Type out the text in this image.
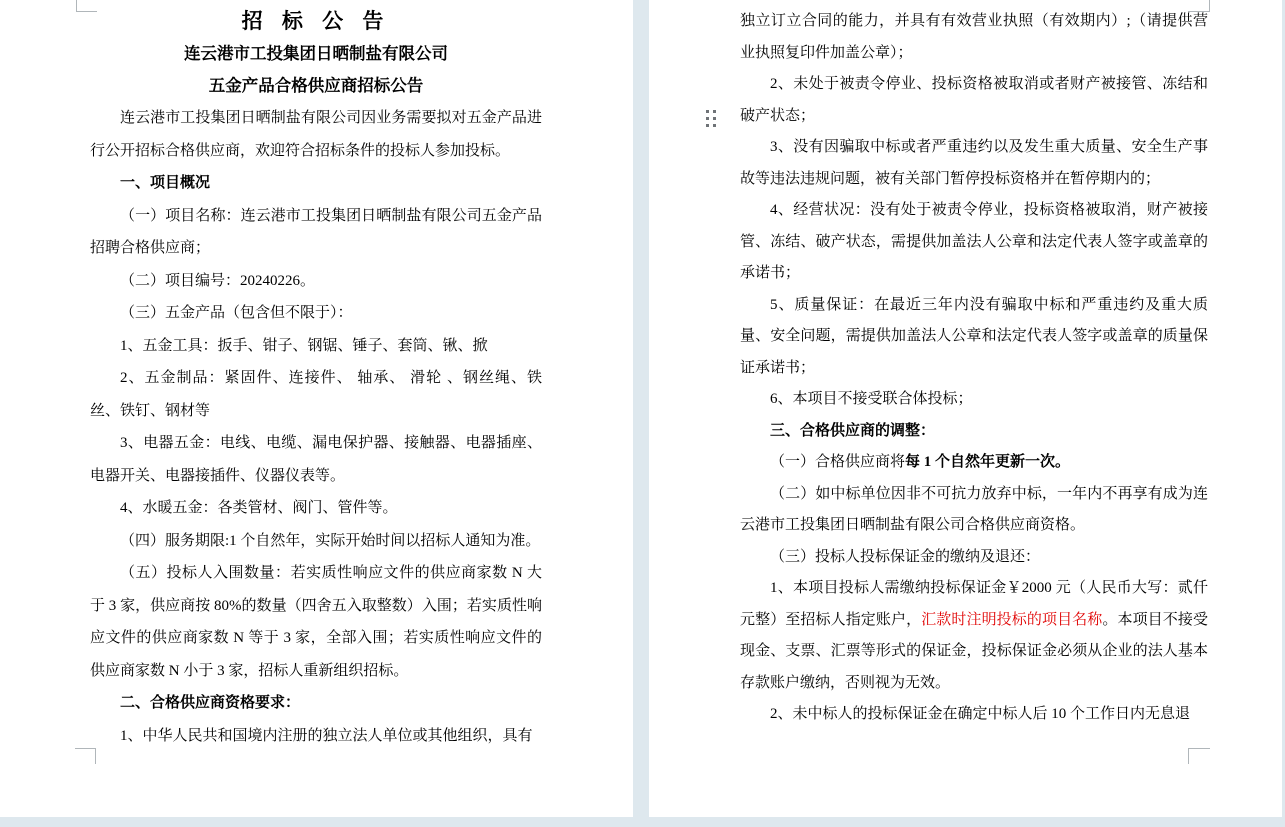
招 标 公 告
连云港市工投集团日晒制盐有限公司
五金产品合格供应商招标公告

连云港市工投集团日晒制盐有限公司因业务需要拟对五金产品进行公开招标合格供应商，欢迎符合招标条件的投标人参加投标。

一、项目概况

（一）项目名称：连云港市工投集团日晒制盐有限公司五金产品招聘合格供应商；

（二）项目编号：20240226。

（三）五金产品（包含但不限于）：

1、五金工具：扳手、钳子、钢锯、锤子、套筒、锹、掀

2、五金制品：紧固件、连接件、 轴承、 滑轮 、钢丝绳、铁丝、铁钉、钢材等

3、电器五金：电线、电缆、漏电保护器、接触器、电器插座、电器开关、电器接插件、仪器仪表等。

4、水暖五金：各类管材、阀门、管件等。

（四）服务期限:1 个自然年，实际开始时间以招标人通知为准。

（五）投标人入围数量：若实质性响应文件的供应商家数 N 大于 3 家，供应商按 80%的数量（四舍五入取整数）入围；若实质性响应文件的供应商家数 N 等于 3 家，全部入围；若实质性响应文件的供应商家数 N 小于 3 家，招标人重新组织招标。

二、合格供应商资格要求：

1、中华人民共和国境内注册的独立法人单位或其他组织，具有

独立订立合同的能力，并具有有效营业执照（有效期内）;（请提供营业执照复印件加盖公章）；

2、未处于被责令停业、投标资格被取消或者财产被接管、冻结和破产状态；

3、没有因骗取中标或者严重违约以及发生重大质量、安全生产事故等违法违规问题，被有关部门暂停投标资格并在暂停期内的；

4、经营状况：没有处于被责令停业，投标资格被取消，财产被接管、冻结、破产状态，需提供加盖法人公章和法定代表人签字或盖章的承诺书；

5、质量保证：在最近三年内没有骗取中标和严重违约及重大质量、安全问题，需提供加盖法人公章和法定代表人签字或盖章的质量保证承诺书；

6、本项目不接受联合体投标；

三、合格供应商的调整：

（一）合格供应商将每 1 个自然年更新一次。

（二）如中标单位因非不可抗力放弃中标，一年内不再享有成为连云港市工投集团日晒制盐有限公司合格供应商资格。

（三）投标人投标保证金的缴纳及退还：

1、本项目投标人需缴纳投标保证金￥2000 元（人民币大写：贰仟元整）至招标人指定账户，汇款时注明投标的项目名称。本项目不接受现金、支票、汇票等形式的保证金，投标保证金必须从企业的法人基本存款账户缴纳，否则视为无效。

2、未中标人的投标保证金在确定中标人后 10 个工作日内无息退
